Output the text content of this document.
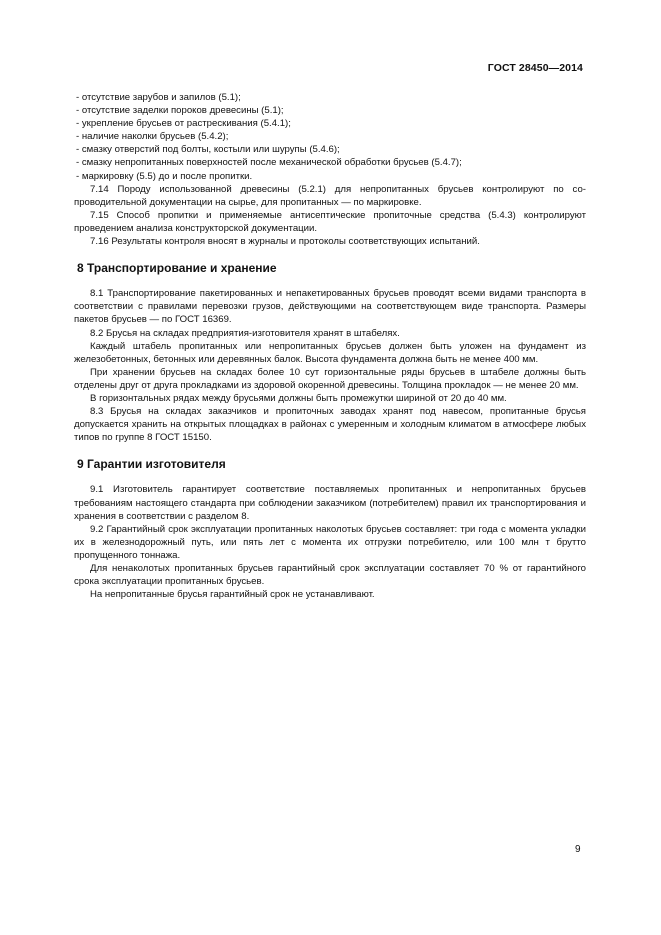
ГОСТ 28450—2014

- отсутствие зарубов и запилов (5.1);

- отсутствие заделки пороков древесины (5.1);

- укрепление брусьев от растрескивания (5.4.1);

- наличие наколки брусьев (5.4.2);

- смазку отверстий под болты, костыли или шурупы (5.4.6);

- смазку непропитанных поверхностей после механической обработки брусьев (5.4.7);

- маркировку (5.5) до и после пропитки.

7.14 Породу использованной древесины (5.2.1) для непропитанных брусьев контролируют по сопроводительной документации на сырье, для пропитанных — по маркировке.

7.15 Способ пропитки и применяемые антисептические пропиточные средства (5.4.3) контролируют проведением анализа конструкторской документации.

7.16 Результаты контроля вносят в журналы и протоколы соответствующих испытаний.

8 Транспортирование и хранение

8.1 Транспортирование пакетированных и непакетированных брусьев проводят всеми видами транспорта в соответствии с правилами перевозки грузов, действующими на соответствующем виде транспорта. Размеры пакетов брусьев — по ГОСТ 16369.

8.2 Брусья на складах предприятия-изготовителя хранят в штабелях.

Каждый штабель пропитанных или непропитанных брусьев должен быть уложен на фундамент из железобетонных, бетонных или деревянных балок. Высота фундамента должна быть не менее 400 мм.

При хранении брусьев на складах более 10 сут горизонтальные ряды брусьев в штабеле должны быть отделены друг от друга прокладками из здоровой окоренной древесины. Толщина прокладок — не менее 20 мм.

В горизонтальных рядах между брусьями должны быть промежутки шириной от 20 до 40 мм.

8.3 Брусья на складах заказчиков и пропиточных заводах хранят под навесом, пропитанные брусья допускается хранить на открытых площадках в районах с умеренным и холодным климатом в атмосфере любых типов по группе 8 ГОСТ 15150.

9 Гарантии изготовителя

9.1 Изготовитель гарантирует соответствие поставляемых пропитанных и непропитанных брусьев требованиям настоящего стандарта при соблюдении заказчиком (потребителем) правил их транспортирования и хранения в соответствии с разделом 8.

9.2 Гарантийный срок эксплуатации пропитанных наколотых брусьев составляет: три года с момента укладки их в железнодорожный путь, или пять лет с момента их отгрузки потребителю, или 100 млн т брутто пропущенного тоннажа.

Для ненаколотых пропитанных брусьев гарантийный срок эксплуатации составляет 70 % от гарантийного срока эксплуатации пропитанных брусьев.

На непропитанные брусья гарантийный срок не устанавливают.

9
